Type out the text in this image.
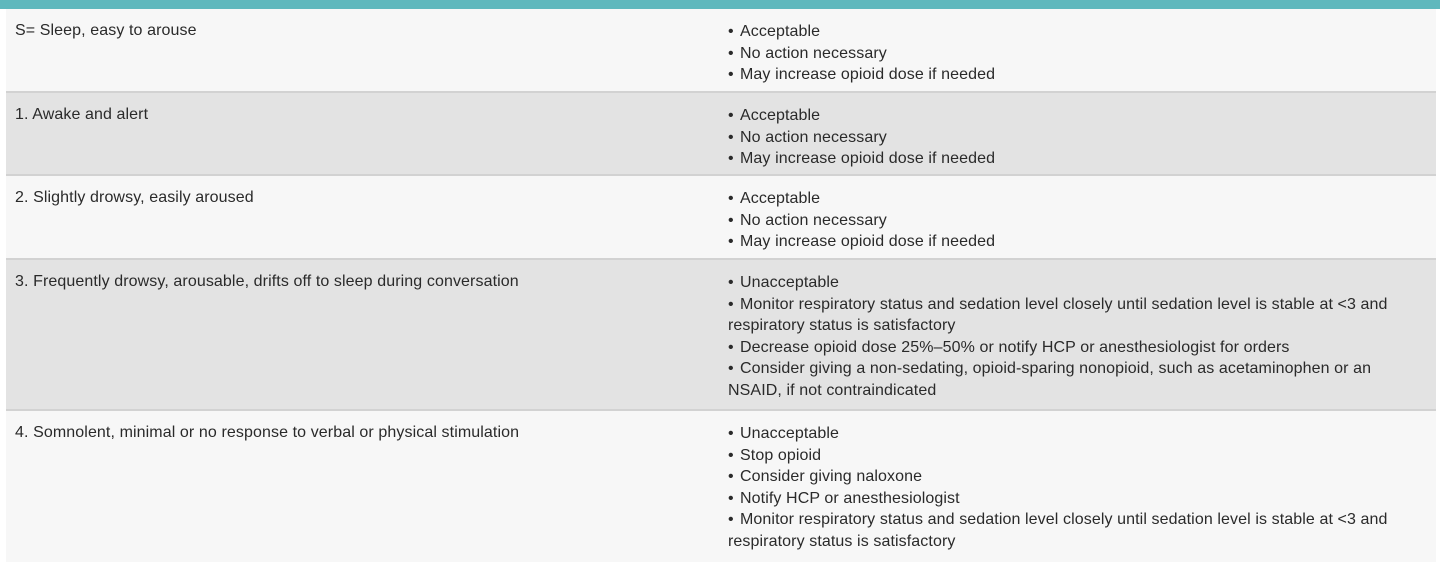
S= Sleep, easy to arouse	• Acceptable
• No action necessary
• May increase opioid dose if needed
1. Awake and alert	• Acceptable
• No action necessary
• May increase opioid dose if needed
2. Slightly drowsy, easily aroused	• Acceptable
• No action necessary
• May increase opioid dose if needed
3. Frequently drowsy, arousable, drifts off to sleep during conversation	• Unacceptable
• Monitor respiratory status and sedation level closely until sedation level is stable at <3 and respiratory status is satisfactory
• Decrease opioid dose 25%–50% or notify HCP or anesthesiologist for orders
• Consider giving a non-sedating, opioid-sparing nonopioid, such as acetaminophen or an NSAID, if not contraindicated
4. Somnolent, minimal or no response to verbal or physical stimulation	• Unacceptable
• Stop opioid
• Consider giving naloxone
• Notify HCP or anesthesiologist
• Monitor respiratory status and sedation level closely until sedation level is stable at <3 and respiratory status is satisfactory
